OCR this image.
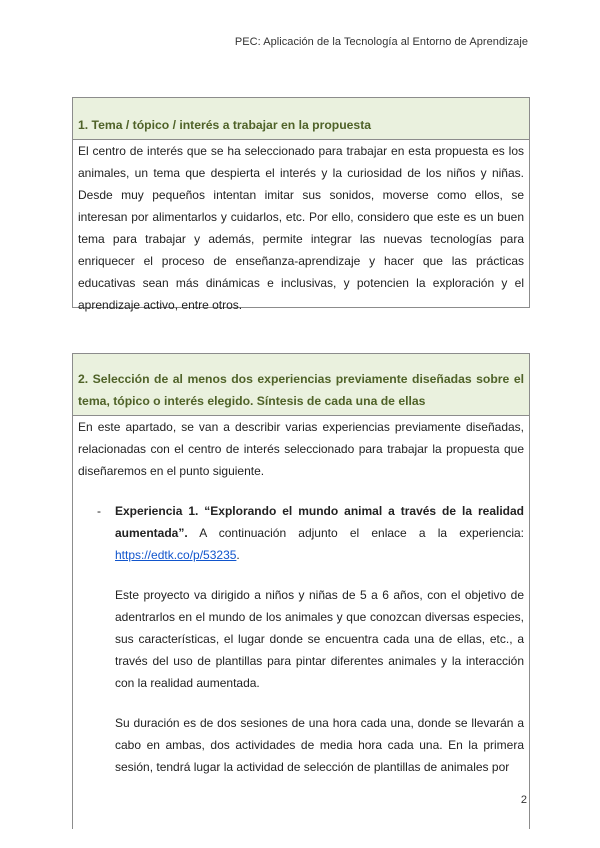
PEC: Aplicación de la Tecnología al Entorno de Aprendizaje
1. Tema / tópico / interés a trabajar en la propuesta

El centro de interés que se ha seleccionado para trabajar en esta propuesta es los animales, un tema que despierta el interés y la curiosidad de los niños y niñas. Desde muy pequeños intentan imitar sus sonidos, moverse como ellos, se interesan por alimentarlos y cuidarlos, etc. Por ello, considero que este es un buen tema para trabajar y además, permite integrar las nuevas tecnologías para enriquecer el proceso de enseñanza-aprendizaje y hacer que las prácticas educativas sean más dinámicas e inclusivas, y potencien la exploración y el aprendizaje activo, entre otros.

2. Selección de al menos dos experiencias previamente diseñadas sobre el tema, tópico o interés elegido. Síntesis de cada una de ellas

En este apartado, se van a describir varias experiencias previamente diseñadas, relacionadas con el centro de interés seleccionado para trabajar la propuesta que diseñaremos en el punto siguiente.

- Experiencia 1. “Explorando el mundo animal a través de la realidad aumentada”. A continuación adjunto el enlace a la experiencia: https://edtk.co/p/53235.

Este proyecto va dirigido a niños y niñas de 5 a 6 años, con el objetivo de adentrarlos en el mundo de los animales y que conozcan diversas especies, sus características, el lugar donde se encuentra cada una de ellas, etc., a través del uso de plantillas para pintar diferentes animales y la interacción con la realidad aumentada.

Su duración es de dos sesiones de una hora cada una, donde se llevarán a cabo en ambas, dos actividades de media hora cada una. En la primera sesión, tendrá lugar la actividad de selección de plantillas de animales por

2
